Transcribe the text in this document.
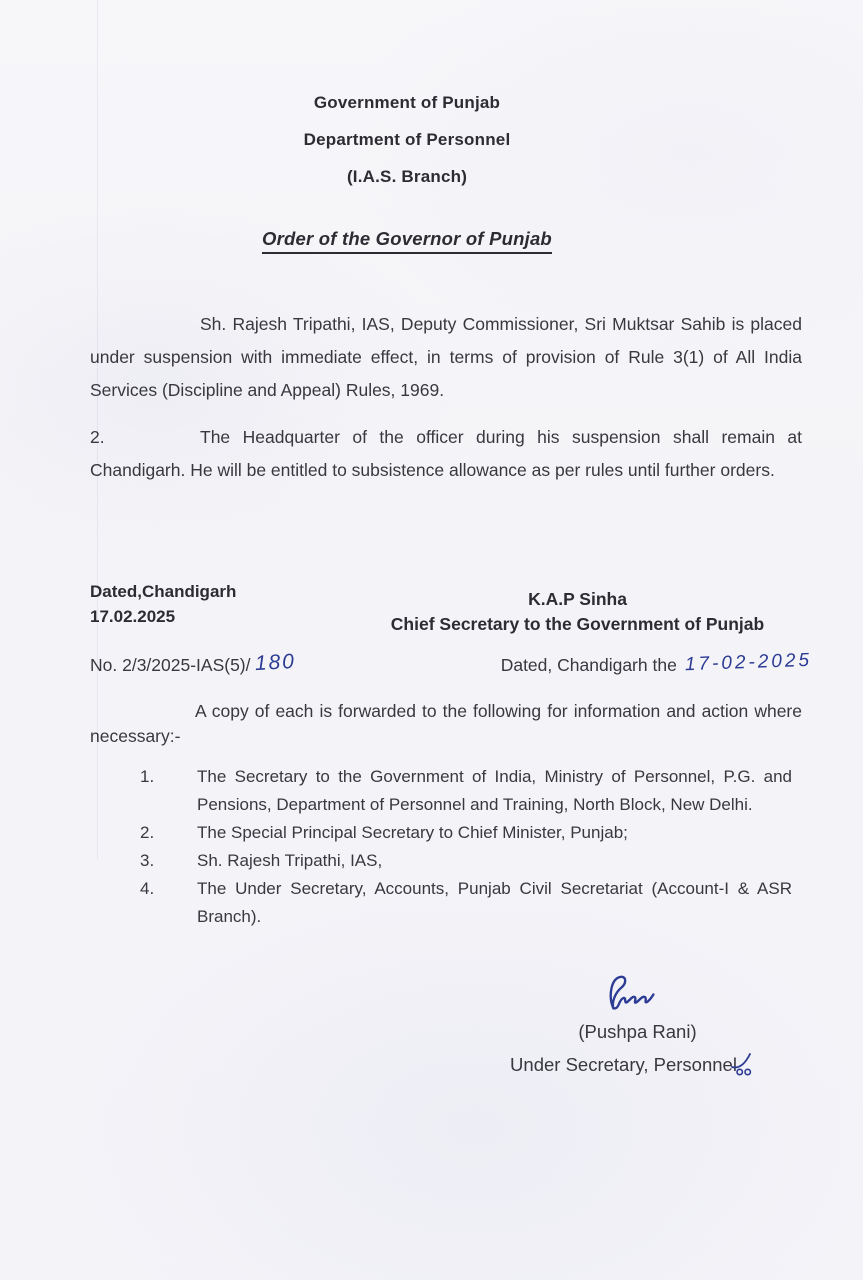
Government of Punjab
Department of Personnel
(I.A.S. Branch)
Order of the Governor of Punjab

Sh. Rajesh Tripathi, IAS, Deputy Commissioner, Sri Muktsar Sahib is placed under suspension with immediate effect, in terms of provision of Rule 3(1) of All India Services (Discipline and Appeal) Rules, 1969.

2.	The Headquarter of the officer during his suspension shall remain at Chandigarh. He will be entitled to subsistence allowance as per rules until further orders.

Dated,Chandigarh
17.02.2025
K.A.P Sinha
Chief Secretary to the Government of Punjab
No. 2/3/2025-IAS(5)/ 180	Dated, Chandigarh the 17-02-2025

A copy of each is forwarded to the following for information and action where necessary:-

1.	The Secretary to the Government of India, Ministry of Personnel, P.G. and Pensions, Department of Personnel and Training, North Block, New Delhi.
2.	The Special Principal Secretary to Chief Minister, Punjab;
3.	Sh. Rajesh Tripathi, IAS,
4.	The Under Secretary, Accounts, Punjab Civil Secretariat (Account-I & ASR Branch).
(Pushpa Rani)
Under Secretary, Personnel
